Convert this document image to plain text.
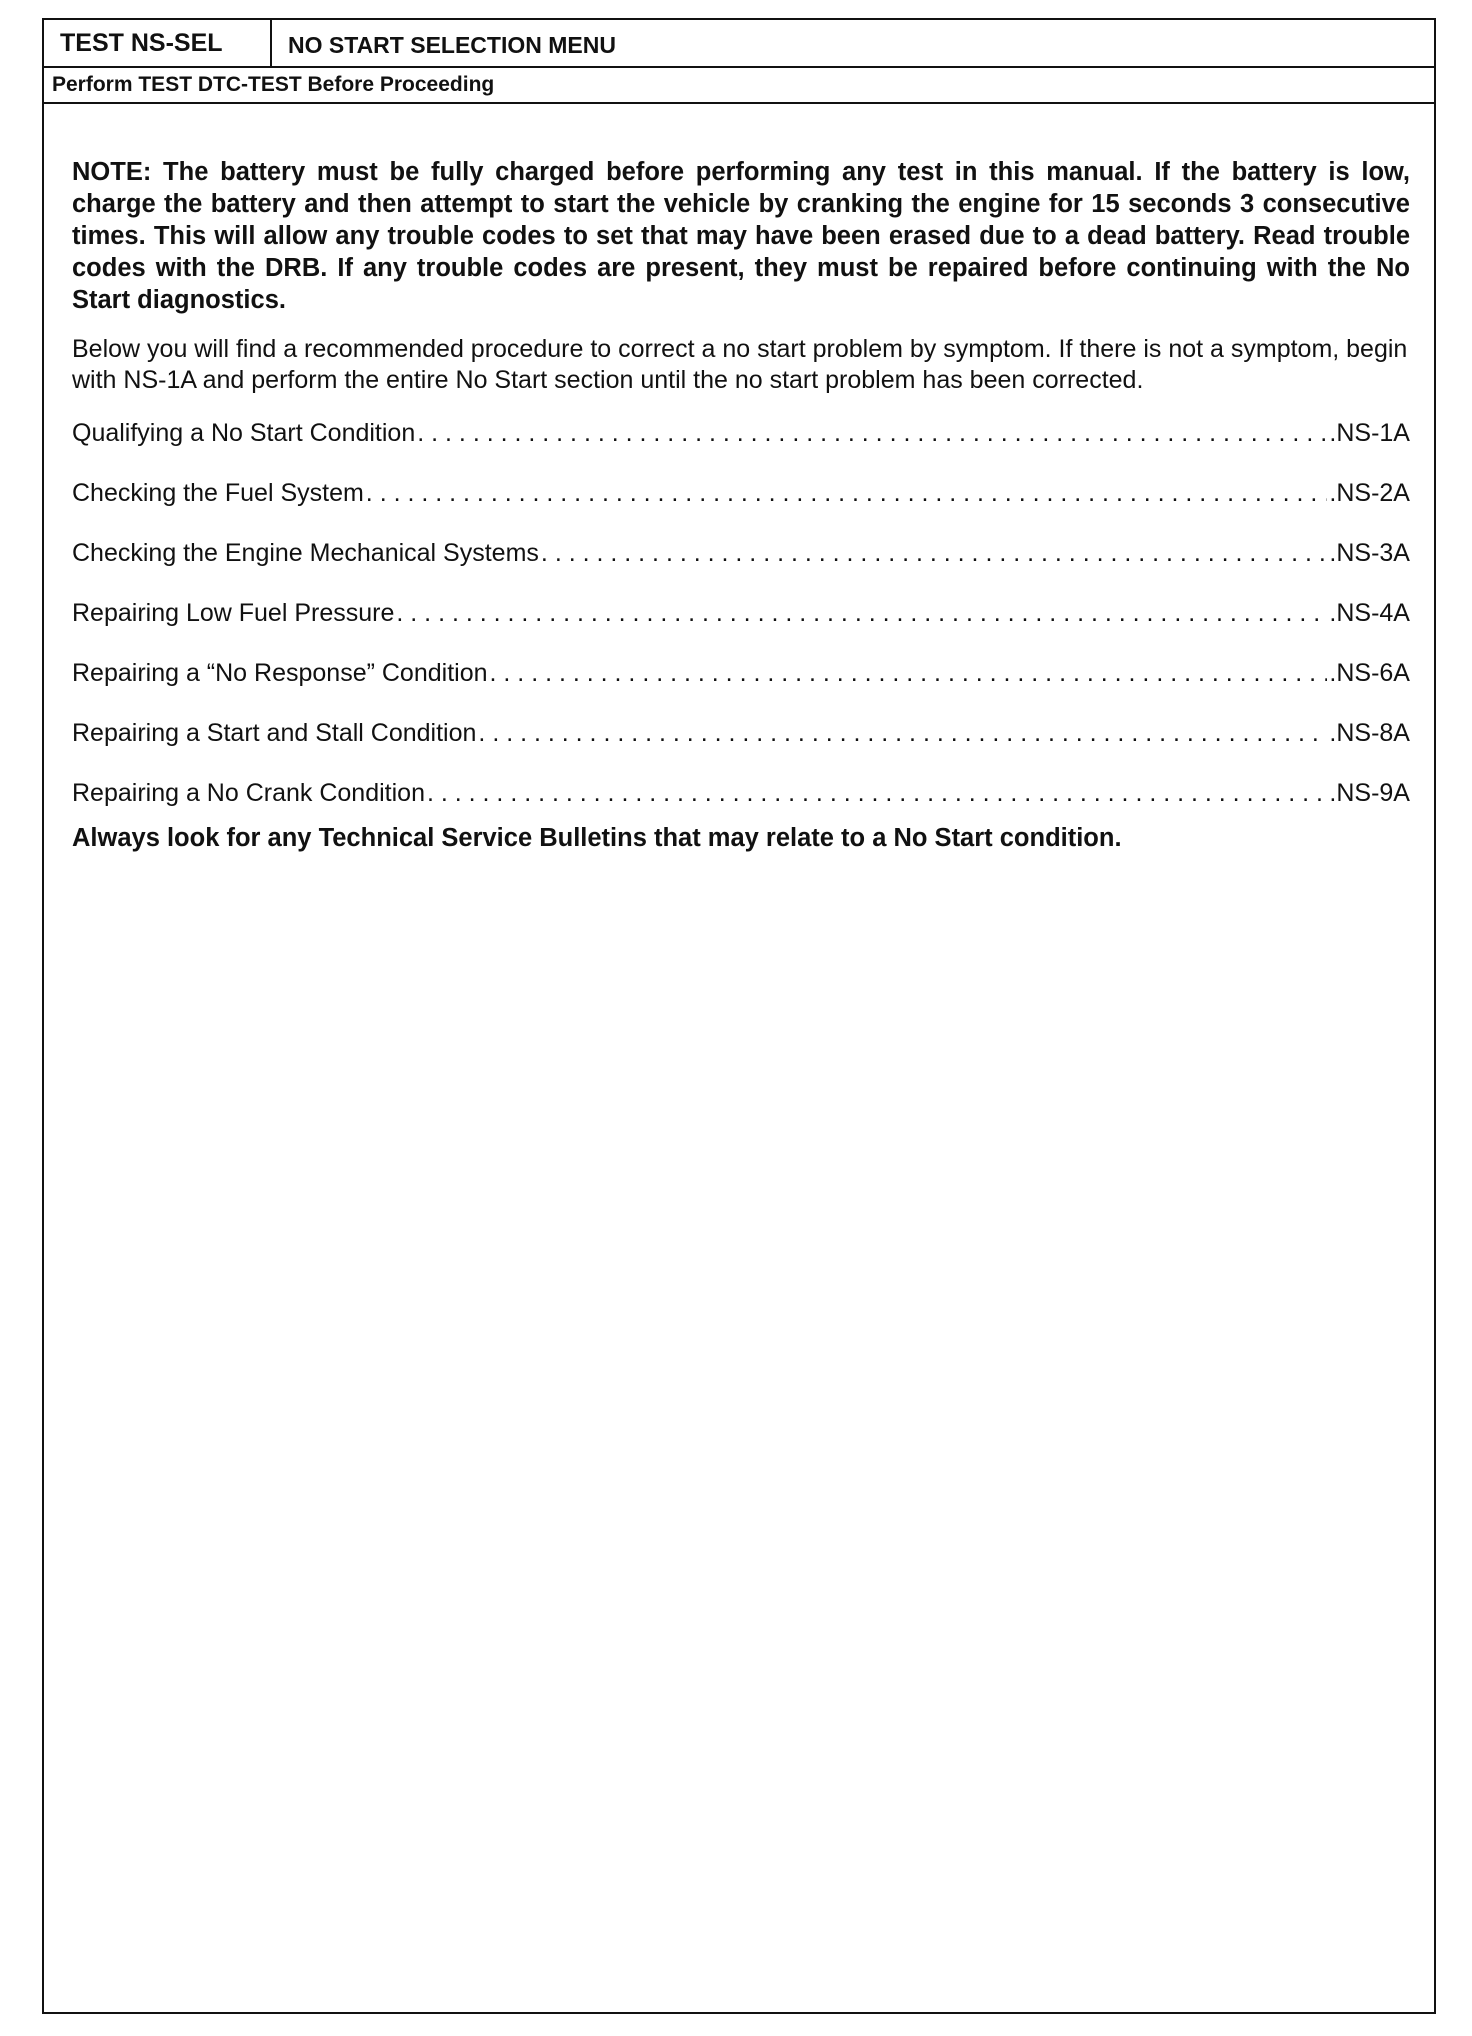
TEST NS-SEL	NO START SELECTION MENU
Perform TEST DTC-TEST Before Proceeding

NOTE: The battery must be fully charged before performing any test in this manual. If the battery is low, charge the battery and then attempt to start the vehicle by cranking the engine for 15 seconds 3 consecutive times. This will allow any trouble codes to set that may have been erased due to a dead battery. Read trouble codes with the DRB. If any trouble codes are present, they must be repaired before continuing with the No Start diagnostics.

Below you will find a recommended procedure to correct a no start problem by symptom. If there is not a symptom, begin with NS-1A and perform the entire No Start section until the no start problem has been corrected.

Qualifying a No Start Condition . . .	.NS-1A
Checking the Fuel System . . .	.NS-2A
Checking the Engine Mechanical Systems . . .	.NS-3A
Repairing Low Fuel Pressure . . .	.NS-4A
Repairing a “No Response” Condition . . .	.NS-6A
Repairing a Start and Stall Condition . . .	.NS-8A
Repairing a No Crank Condition . . .	.NS-9A

Always look for any Technical Service Bulletins that may relate to a No Start condition.
